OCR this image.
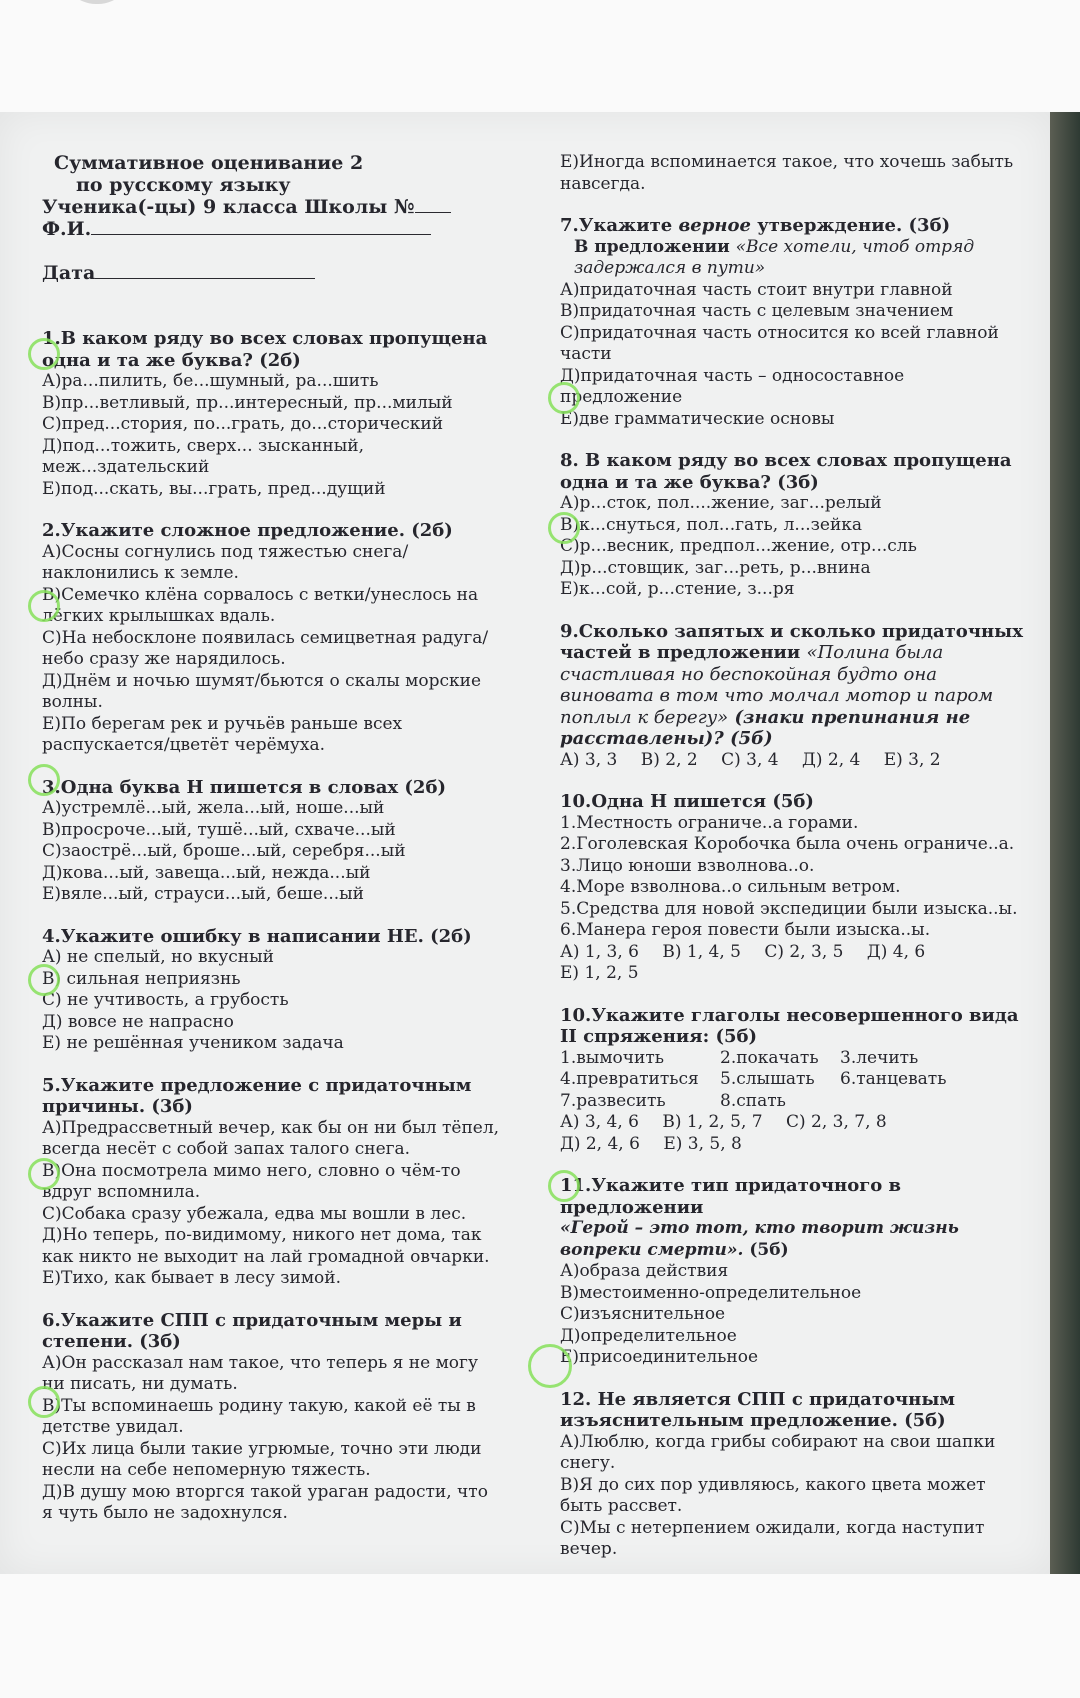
Суммативное оценивание 2

по русскому языку

Ученика(-цы) 9 класса Школы №

Ф.И.

Дата

1.В каком ряду во всех словах пропущена одна и та же буква? (2б)

А)ра...пилить, бе...шумный, ра...шить

В)пр...ветливый, пр...интересный, пр...милый

С)пред...стория, по...грать, до...сторический

Д)под...тожить, сверх... зысканный, меж...здательский

Е)под...скать, вы...грать, пред...дущий

2.Укажите сложное предложение. (2б)

А)Сосны согнулись под тяжестью снега/наклонились к земле.

В)Семечко клёна сорвалось с ветки/унеслось на лёгких крылышках вдаль.

С)На небосклоне появилась семицветная радуга/небо сразу же нарядилось.

Д)Днём и ночью шумят/бьются о скалы морские волны.

Е)По берегам рек и ручьёв раньше всех распускается/цветёт черёмуха.

3.Одна буква Н пишется в словах (2б)

А)устремлё...ый, жела...ый, ноше...ый

В)просроче...ый, тушё...ый, схваче...ый

С)заострё...ый, броше...ый, серебря...ый

Д)кова...ый, завеща...ый, нежда...ый

Е)вяле...ый, страуси...ый, беше...ый

4.Укажите ошибку в написании НЕ. (2б)

А) не спелый, но вкусный

В) сильная неприязнь

С) не учтивость, а грубость

Д) вовсе не напрасно

Е) не решённая учеником задача

5.Укажите предложение с придаточным причины. (3б)

А)Предрассветный вечер, как бы он ни был тёпел, всегда несёт с собой запах талого снега.

В)Она посмотрела мимо него, словно о чём-то вдруг вспомнила.

С)Собака сразу убежала, едва мы вошли в лес.

Д)Но теперь, по-видимому, никого нет дома, так как никто не выходит на лай громадной овчарки.

Е)Тихо, как бывает в лесу зимой.

6.Укажите СПП с придаточным меры и степени. (3б)

А)Он рассказал нам такое, что теперь я не могу ни писать, ни думать.

В)Ты вспоминаешь родину такую, какой её ты в детстве увидал.

С)Их лица были такие угрюмые, точно эти люди несли на себе непомерную тяжесть.

Д)В душу мою вторгся такой ураган радости, что я чуть было не задохнулся.

Е)Иногда вспоминается такое, что хочешь забыть навсегда.

7.Укажите верное утверждение. (3б)

В предложении «Все хотели, чтоб отряд задержался в пути»

А)придаточная часть стоит внутри главной

В)придаточная часть с целевым значением

С)придаточная часть относится ко всей главной части

Д)придаточная часть – односоставное предложение

Е)две грамматические основы

8. В каком ряду во всех словах пропущена одна и та же буква? (3б)

А)р...сток, пол....жение, заг...релый

В)к...снуться, пол...гать, л...зейка

С)р...весник, предпол...жение, отр...сль

Д)р...стовщик, заг...реть, р...внина

Е)к...сой, р...стение, з...ря

9.Сколько запятых и сколько придаточных частей в предложении «Полина была счастливая но беспокойная будто она виновата в том что молчал мотор и паром поплыл к берегу» (знаки препинания не расставлены)? (5б)

А) 3, 3 В) 2, 2 С) 3, 4 Д) 2, 4 Е) 3, 2

10.Одна Н пишется (5б)

1.Местность ограниче..а горами.

2.Гоголевская Коробочка была очень ограниче..а.

3.Лицо юноши взволнова..о.

4.Море взволнова..о сильным ветром.

5.Средства для новой экспедиции были изыска..ы.

6.Манера героя повести были изыска..ы.

А) 1, 3, 6 В) 1, 4, 5 С) 2, 3, 5 Д) 4, 6 Е) 1, 2, 5

10.Укажите глаголы несовершенного вида II спряжения: (5б)

1.вымочить	2.покачать 3.лечить

4.превратиться 5.слышать 6.танцевать

7.развесить	8.спать

А) 3, 4, 6 В) 1, 2, 5, 7 С) 2, 3, 7, 8

Д) 2, 4, 6 Е) 3, 5, 8

11.Укажите тип придаточного в предложении

«Герой – это тот, кто творит жизнь вопреки смерти». (5б)

А)образа действия

В)местоименно-определительное

С)изъяснительное

Д)определительное

Е)присоединительное

12. Не является СПП с придаточным изъяснительным предложение. (5б)

А)Люблю, когда грибы собирают на свои шапки снегу.

В)Я до сих пор удивляюсь, какого цвета может быть рассвет.

С)Мы с нетерпением ожидали, когда наступит вечер.
